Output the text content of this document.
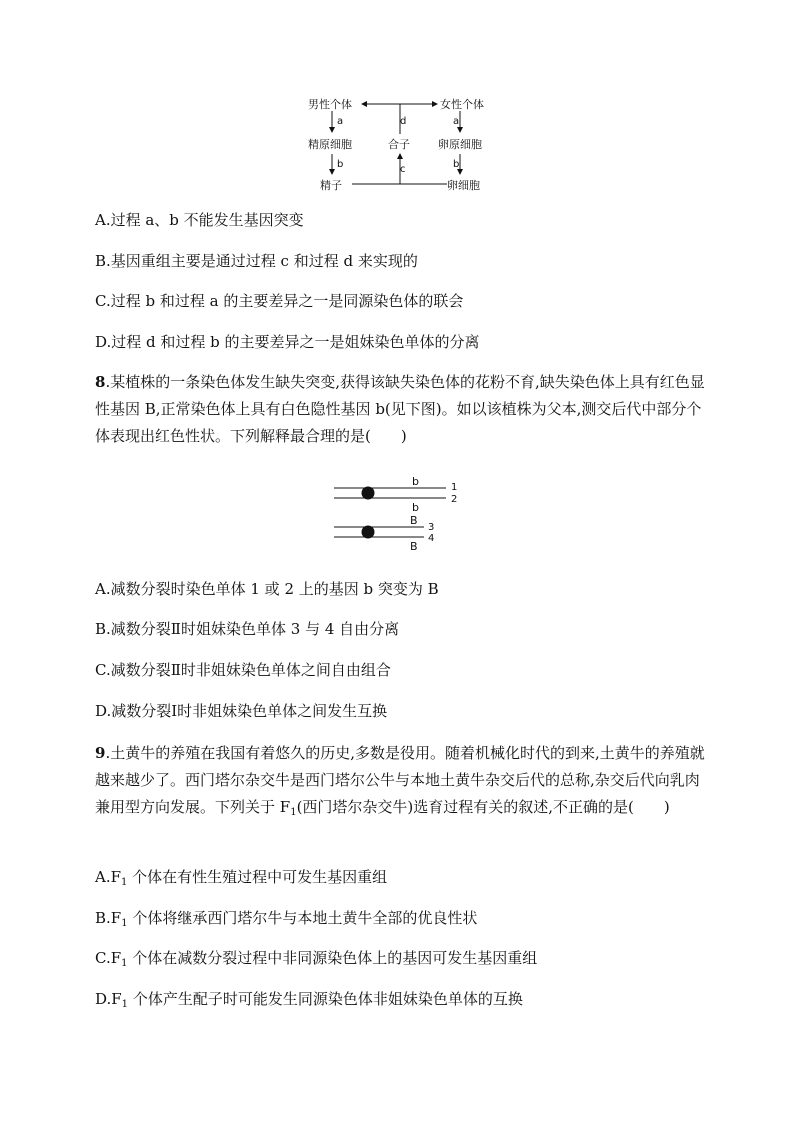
男性个体	女性个体
a	a
d
精原细胞	合子	卵原细胞
b	b
c
精子	卵细胞
A.过程 a、b 不能发生基因突变
B.基因重组主要是通过过程 c 和过程 d 来实现的
C.过程 b 和过程 a 的主要差异之一是同源染色体的联会
D.过程 d 和过程 b 的主要差异之一是姐妹染色单体的分离
8.某植株的一条染色体发生缺失突变,获得该缺失染色体的花粉不育,缺失染色体上具有红色显性基因 B,正常染色体上具有白色隐性基因 b(见下图)。如以该植株为父本,测交后代中部分个体表现出红色性状。下列解释最合理的是(　　)
b	1
2
b
B
3
4
B
A.减数分裂时染色单体 1 或 2 上的基因 b 突变为 B
B.减数分裂Ⅱ时姐妹染色单体 3 与 4 自由分离
C.减数分裂Ⅱ时非姐妹染色单体之间自由组合
D.减数分裂Ⅰ时非姐妹染色单体之间发生互换
9.土黄牛的养殖在我国有着悠久的历史,多数是役用。随着机械化时代的到来,土黄牛的养殖就越来越少了。西门塔尔杂交牛是西门塔尔公牛与本地土黄牛杂交后代的总称,杂交后代向乳肉兼用型方向发展。下列关于 $F_1$(西门塔尔杂交牛)选育过程有关的叙述,不正确的是(　　)
$A.F_1$ 个体在有性生殖过程中可发生基因重组
$B.F_1$ 个体将继承西门塔尔牛与本地土黄牛全部的优良性状
$C.F_1$ 个体在减数分裂过程中非同源染色体上的基因可发生基因重组
$D.F_1$ 个体产生配子时可能发生同源染色体非姐妹染色单体的互换
